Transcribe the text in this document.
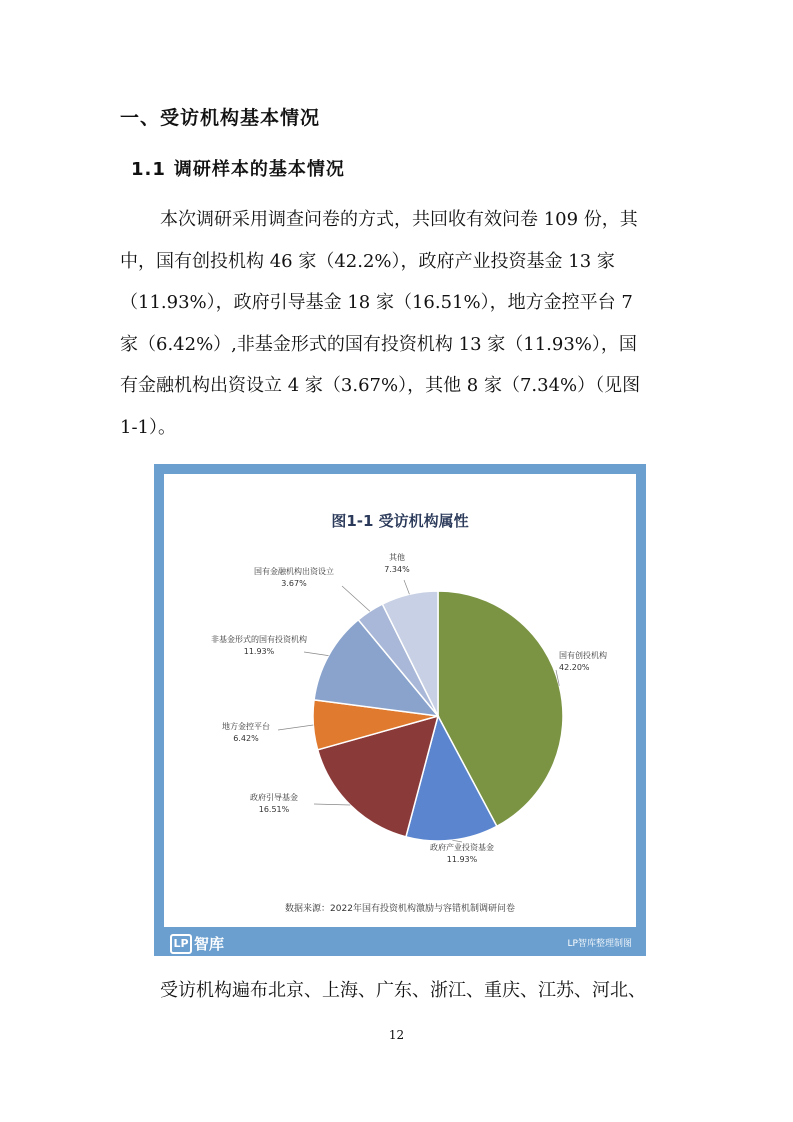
一、受访机构基本情况
1.1 调研样本的基本情况
本次调研采用调查问卷的方式，共回收有效问卷 109 份，其
中，国有创投机构 46 家（42.2%），政府产业投资基金 13 家
（11.93%），政府引导基金 18 家（16.51%），地方金控平台 7
家（6.42%）,非基金形式的国有投资机构 13 家（11.93%），国
有金融机构出资设立 4 家（3.67%），其他 8 家（7.34%）（见图
1-1）。
图1-1 受访机构属性
国有创投机构
42.20%
政府产业投资基金
11.93%
政府引导基金
16.51%
地方金控平台
6.42%
非基金形式的国有投资机构
11.93%
国有金融机构出资设立
3.67%
其他
7.34%
数据来源：2022年国有投资机构激励与容错机制调研问卷
LP 智库	LP智库整理制图
受访机构遍布北京、上海、广东、浙江、重庆、江苏、河北、
12
